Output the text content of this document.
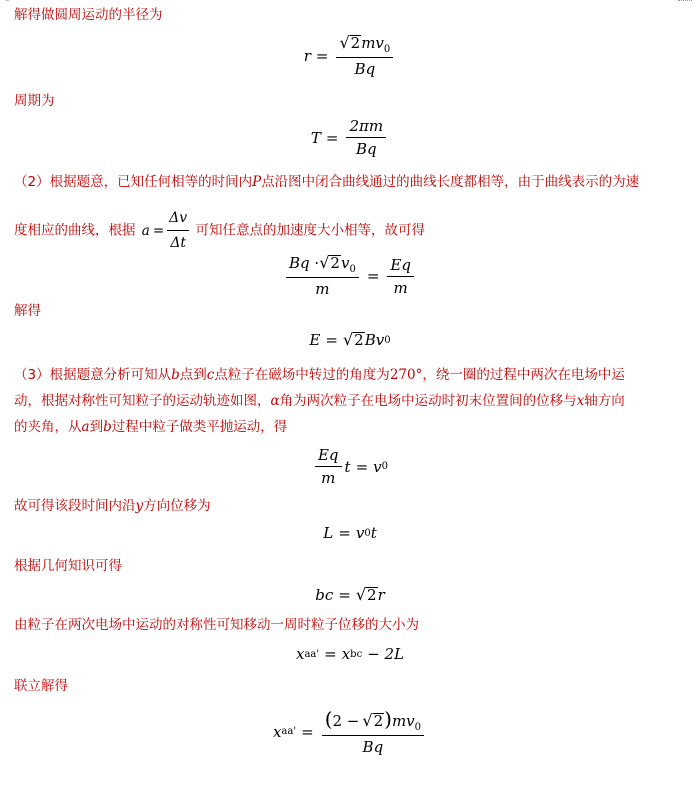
解得做圆周运动的半径为
$r = \frac{√ 2 mv_0}{Bq}$
周期为
$T = \frac{2\pi m}{Bq}$
（2）根据题意，已知任何相等的时间内P点沿图中闭合曲线通过的曲线长度都相等，由于曲线表示的为速
度相应的曲线，根据 $a = \frac{\Delta v}{\Delta t}$ 可知任意点的加速度大小相等，故可得
$\frac{Bq \cdot √ 2 v_0}{m} = \frac{Eq}{m}$
解得
E = √ 2 Bv 0
（3）根据题意分析可知从b点到c点粒子在磁场中转过的角度为270°，绕一圈的过程中两次在电场中运
动，根据对称性可知粒子的运动轨迹如图，α角为两次粒子在电场中运动时初末位置间的位移与x轴方向
的夹角，从a到b过程中粒子做类平抛运动，得
$\frac{Eq}{m}$ t = v 0
故可得该段时间内沿y方向位移为
L = v 0 t
根据几何知识可得
bc = √ 2 r
由粒子在两次电场中运动的对称性可知移动一周时粒子位移的大小为
x aa' = x bc − 2L
联立解得
x $aa' = \frac{(2 - √ 2 )mv_0}{Bq}$
